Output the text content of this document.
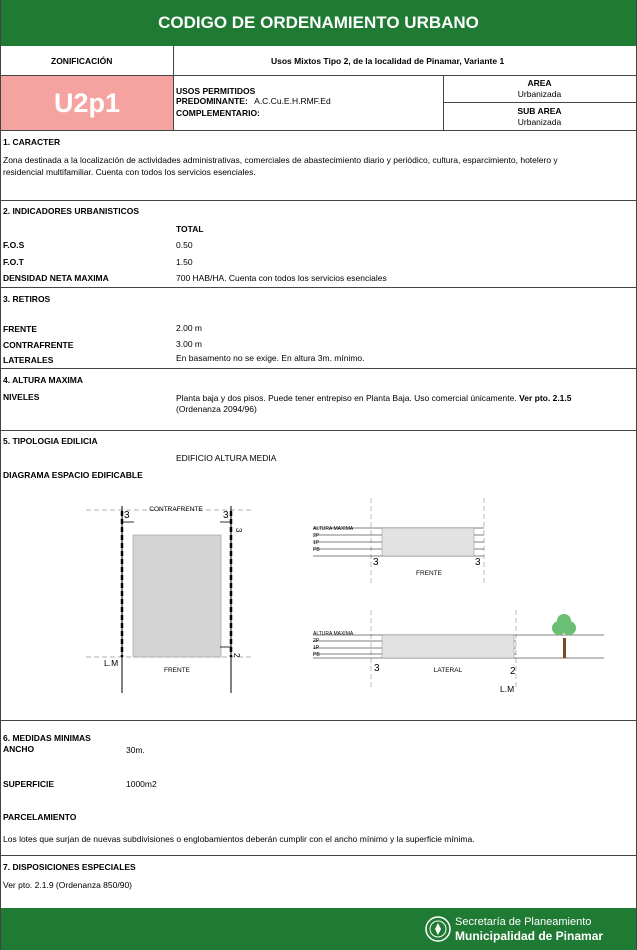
CODIGO DE ORDENAMIENTO URBANO
ZONIFICACIÓN	Usos Mixtos Tipo 2, de la localidad de Pinamar, Variante 1
U2p1	USOS PERMITIDOS
PREDOMINANTE: A.C.Cu.E.H.RMF.Ed
COMPLEMENTARIO:
AREA
Urbanizada
SUB AREA
Urbanizada
1. CARACTER
Zona destinada a la localización de actividades administrativas, comerciales de abastecimiento diario y periódico, cultura, esparcimiento, hotelero y
residencial multifamiliar. Cuenta con todos los servicios esenciales.
2. INDICADORES URBANISTICOS
TOTAL
F.O.S	0.50
F.O.T	1.50
DENSIDAD NETA MAXIMA	700 HAB/HA. Cuenta con todos los servicios esenciales
3. RETIROS
FRENTE	2.00 m
CONTRAFRENTE	3.00 m
LATERALES	En basamento no se exige. En altura 3m. mínimo.
4. ALTURA MAXIMA
NIVELES	Planta baja y dos pisos. Puede tener entrepiso en Planta Baja. Uso comercial únicamente. Ver pto. 2.1.5
(Ordenanza 2094/96)
5. TIPOLOGIA EDILICIA
EDIFICIO ALTURA MEDIA
DIAGRAMA ESPACIO EDIFICABLE
CONTRAFRENTE
FRENTE
L.M
3	3
3
2
ALTURA MAXIMA
2P
1P
PB
3	3
FRENTE
ALTURA MAXIMA
2P
1P
PB
3	2
LATERAL
L.M
6. MEDIDAS MINIMAS
ANCHO	30m.
SUPERFICIE	1000m2
PARCELAMIENTO
Los lotes que surjan de nuevas subdivisiones o englobamientos deberán cumplir con el ancho mínimo y la superficie mínima.
7. DISPOSICIONES ESPECIALES
Ver pto. 2.1.9 (Ordenanza 850/90)
Secretaría de Planeamiento
Municipalidad de Pinamar
